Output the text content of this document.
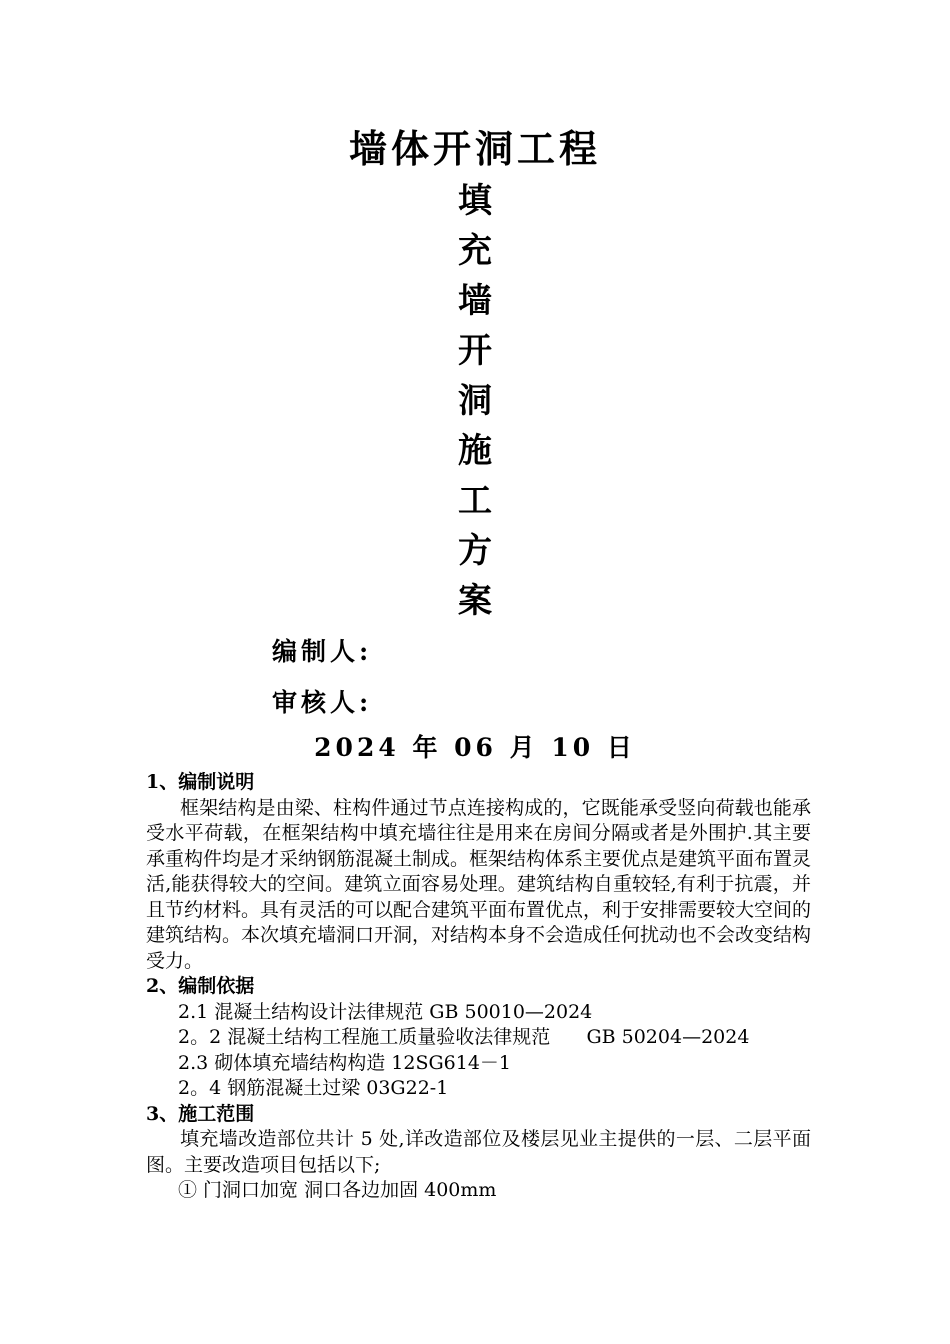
墙体开洞工程
填
充
墙
开
洞
施
工
方
案
编制人:
审核人:
2024 年 06 月 10 日
1、编制说明

框架结构是由梁、柱构件通过节点连接构成的，它既能承受竖向荷载也能承受水平荷载，在框架结构中填充墙往往是用来在房间分隔或者是外围护.其主要承重构件均是才采纳钢筋混凝土制成。框架结构体系主要优点是建筑平面布置灵活,能获得较大的空间。建筑立面容易处理。建筑结构自重较轻,有利于抗震，并且节约材料。具有灵活的可以配合建筑平面布置优点，利于安排需要较大空间的建筑结构。本次填充墙洞口开洞，对结构本身不会造成任何扰动也不会改变结构受力。

2、编制依据
2.1 混凝土结构设计法律规范 GB 50010—2024
2。2 混凝土结构工程施工质量验收法律规范      GB 50204—2024
2.3 砌体填充墙结构构造 12SG614－1
2。4 钢筋混凝土过梁 03G22-1
3、施工范围

填充墙改造部位共计 5 处,详改造部位及楼层见业主提供的一层、二层平面图。主要改造项目包括以下;

① 门洞口加宽 洞口各边加固 400mm
